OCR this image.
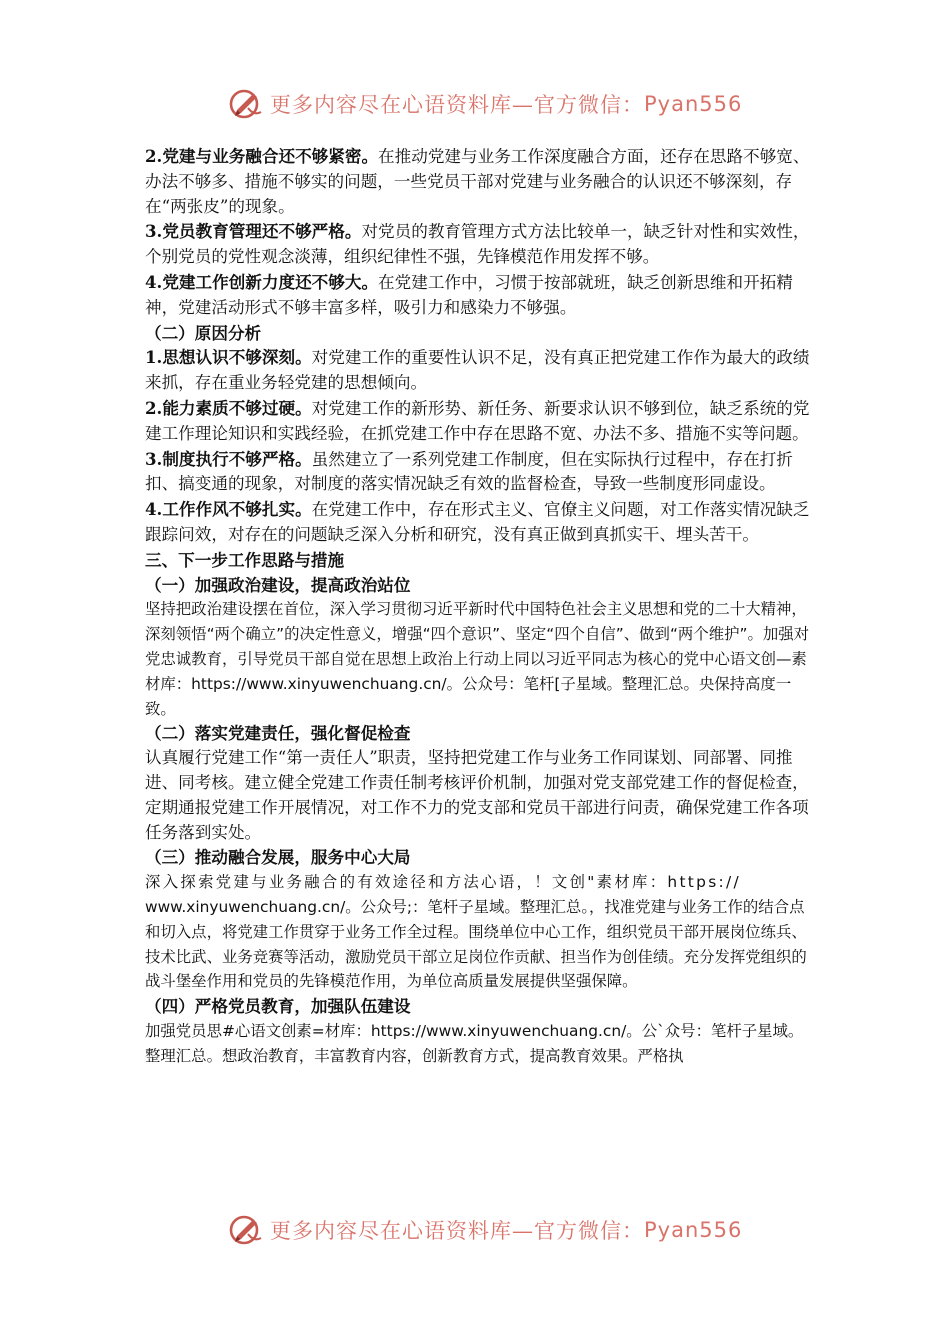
更多内容尽在心语资料库—官方微信： Pyan556

2.党建与业务融合还不够紧密。在推动党建与业务工作深度融合方面，还存在思路不够宽、办法不够多、措施不够实的问题，一些党员干部对党建与业务融合的认识还不够深刻，存在“两张皮”的现象。

3.党员教育管理还不够严格。对党员的教育管理方式方法比较单一，缺乏针对性和实效性，个别党员的党性观念淡薄，组织纪律性不强，先锋模范作用发挥不够。

4.党建工作创新力度还不够大。在党建工作中，习惯于按部就班，缺乏创新思维和开拓精神，党建活动形式不够丰富多样，吸引力和感染力不够强。

（二）原因分析

1.思想认识不够深刻。对党建工作的重要性认识不足，没有真正把党建工作作为最大的政绩来抓，存在重业务轻党建的思想倾向。

2.能力素质不够过硬。对党建工作的新形势、新任务、新要求认识不够到位，缺乏系统的党建工作理论知识和实践经验，在抓党建工作中存在思路不宽、办法不多、措施不实等问题。

3.制度执行不够严格。虽然建立了一系列党建工作制度，但在实际执行过程中，存在打折扣、搞变通的现象，对制度的落实情况缺乏有效的监督检查，导致一些制度形同虚设。

4.工作作风不够扎实。在党建工作中，存在形式主义、官僚主义问题，对工作落实情况缺乏跟踪问效，对存在的问题缺乏深入分析和研究，没有真正做到真抓实干、埋头苦干。

三、下一步工作思路与措施

（一）加强政治建设，提高政治站位

坚持把政治建设摆在首位，深入学习贯彻习近平新时代中国特色社会主义思想和党的二十大精神，深刻领悟“两个确立”的决定性意义，增强“四个意识”、坚定“四个自信”、做到“两个维护”。加强对党忠诚教育，引导党员干部自觉在思想上政治上行动上同以习近平同志为核心的党中心语文创—素材库：https://www.xinyuwenchuang.cn/。公众号：笔杆[子星域。整理汇总。央保持高度一致。

（二）落实党建责任，强化督促检查

认真履行党建工作“第一责任人”职责，坚持把党建工作与业务工作同谋划、同部署、同推进、同考核。建立健全党建工作责任制考核评价机制，加强对党支部党建工作的督促检查，定期通报党建工作开展情况，对工作不力的党支部和党员干部进行问责，确保党建工作各项任务落到实处。

（三）推动融合发展，服务中心大局

深入探索党建与业务融合的有效途径和方法心语，！文创"素材库：https://

www.xinyuwenchuang.cn/。公众号;：笔杆子星域。整理汇总。，找准党建与业务工作的结合点和切入点，将党建工作贯穿于业务工作全过程。围绕单位中心工作，组织党员干部开展岗位练兵、技术比武、业务竞赛等活动，激励党员干部立足岗位作贡献、担当作为创佳绩。充分发挥党组织的战斗堡垒作用和党员的先锋模范作用，为单位高质量发展提供坚强保障。

（四）严格党员教育，加强队伍建设

加强党员思#心语文创素=材库：https://www.xinyuwenchuang.cn/。公`众号：笔杆子星域。整理汇总。想政治教育，丰富教育内容，创新教育方式，提高教育效果。严格执

更多内容尽在心语资料库—官方微信： Pyan556
